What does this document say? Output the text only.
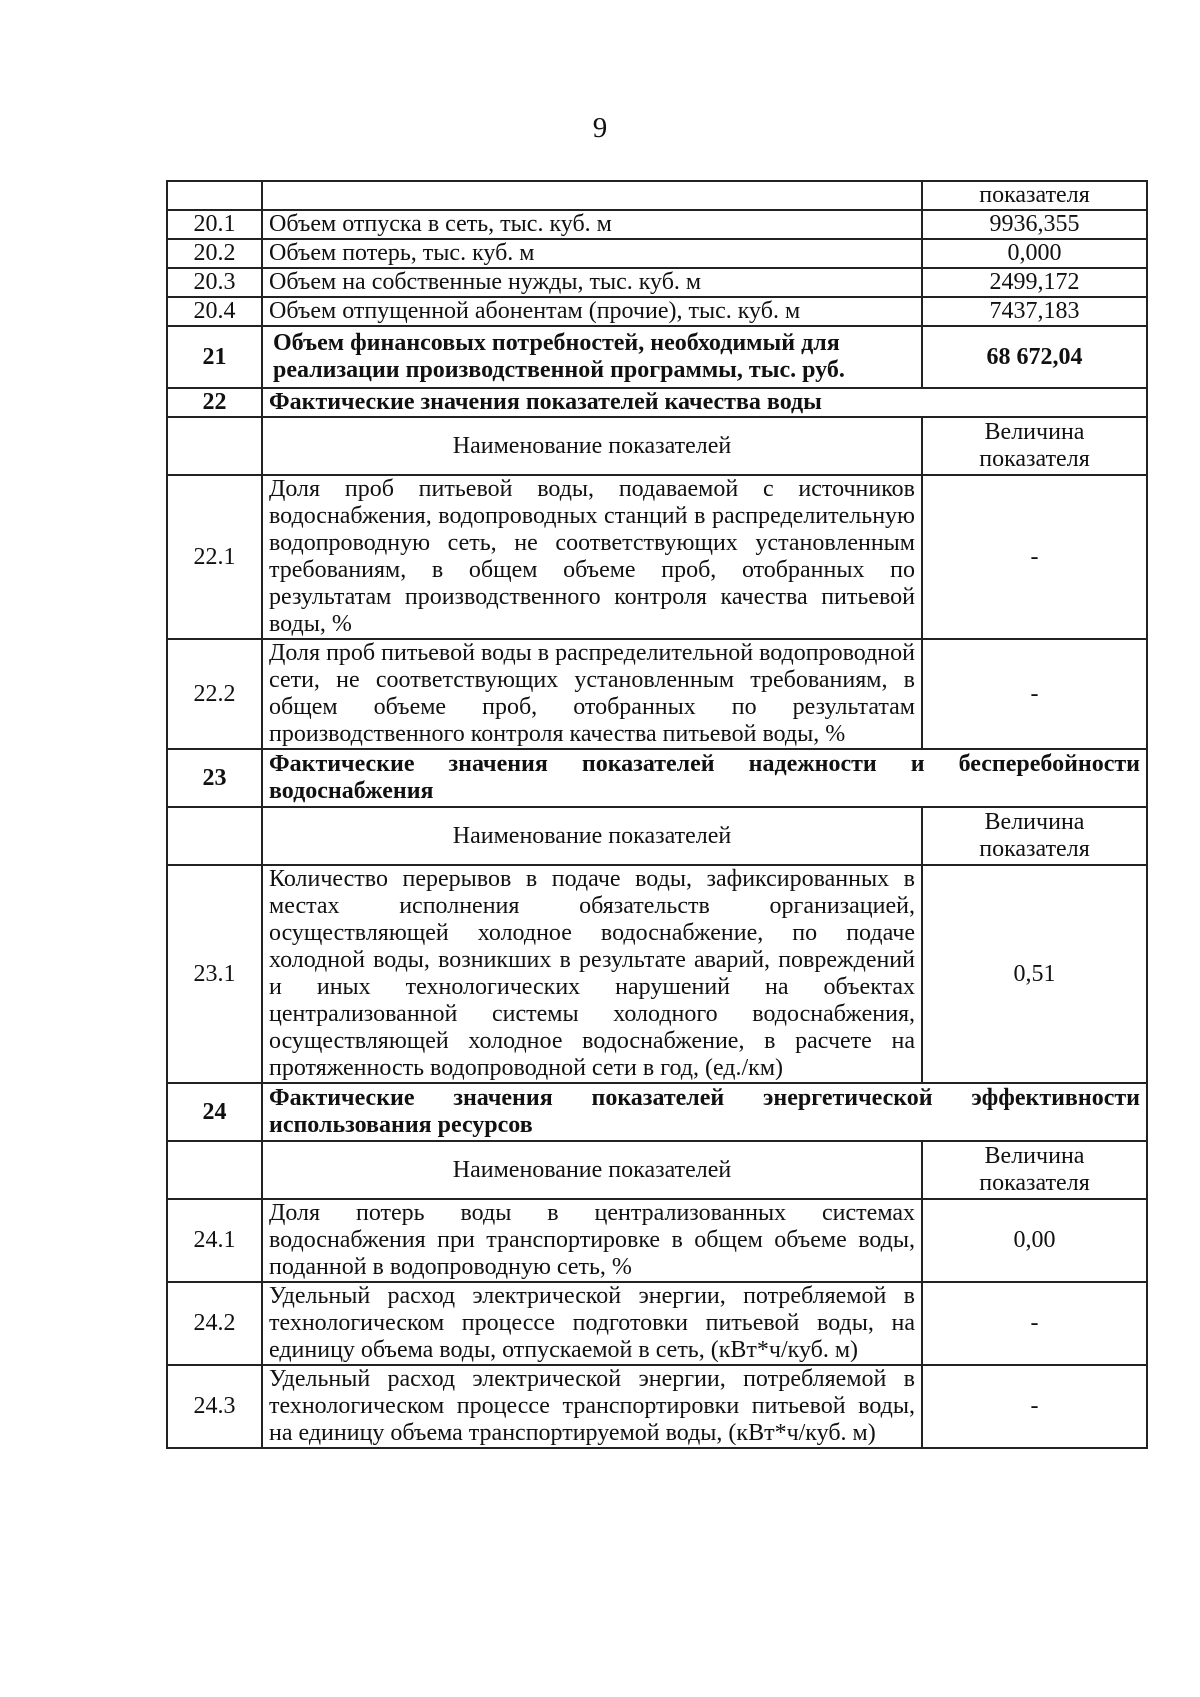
9
		показателя
20.1	Объем отпуска в сеть, тыс. куб. м	9936,355
20.2	Объем потерь, тыс. куб. м	0,000
20.3	Объем на собственные нужды, тыс. куб. м	2499,172
20.4	Объем отпущенной абонентам (прочие), тыс. куб. м	7437,183
21	Объем финансовых потребностей, необходимый для реализации производственной программы, тыс. руб.	68 672,04
22	Фактические значения показателей качества воды	
	Наименование показателей	Величина показателя
22.1	Доля проб питьевой воды, подаваемой с источников водоснабжения, водопроводных станций в распределительную водопроводную сеть, не соответствующих установленным требованиям, в общем объеме проб, отобранных по результатам производственного контроля качества питьевой воды, %	-
22.2	Доля проб питьевой воды в распределительной водопроводной сети, не соответствующих установленным требованиям, в общем объеме проб, отобранных по результатам производственного контроля качества питьевой воды, %	-
23	Фактические значения показателей надежности и бесперебойности водоснабжения	
	Наименование показателей	Величина показателя
23.1	Количество перерывов в подаче воды, зафиксированных в местах исполнения обязательств организацией, осуществляющей холодное водоснабжение, по подаче холодной воды, возникших в результате аварий, повреждений и иных технологических нарушений на объектах централизованной системы холодного водоснабжения, осуществляющей холодное водоснабжение, в расчете на протяженность водопроводной сети в год, (ед./км)	0,51
24	Фактические значения показателей энергетической эффективности использования ресурсов	
	Наименование показателей	Величина показателя
24.1	Доля потерь воды в централизованных системах водоснабжения при транспортировке в общем объеме воды, поданной в водопроводную сеть, %	0,00
24.2	Удельный расход электрической энергии, потребляемой в технологическом процессе подготовки питьевой воды, на единицу объема воды, отпускаемой в сеть, (кВт*ч/куб. м)	-
24.3	Удельный расход электрической энергии, потребляемой в технологическом процессе транспортировки питьевой воды, на единицу объема транспортируемой воды, (кВт*ч/куб. м)	-
